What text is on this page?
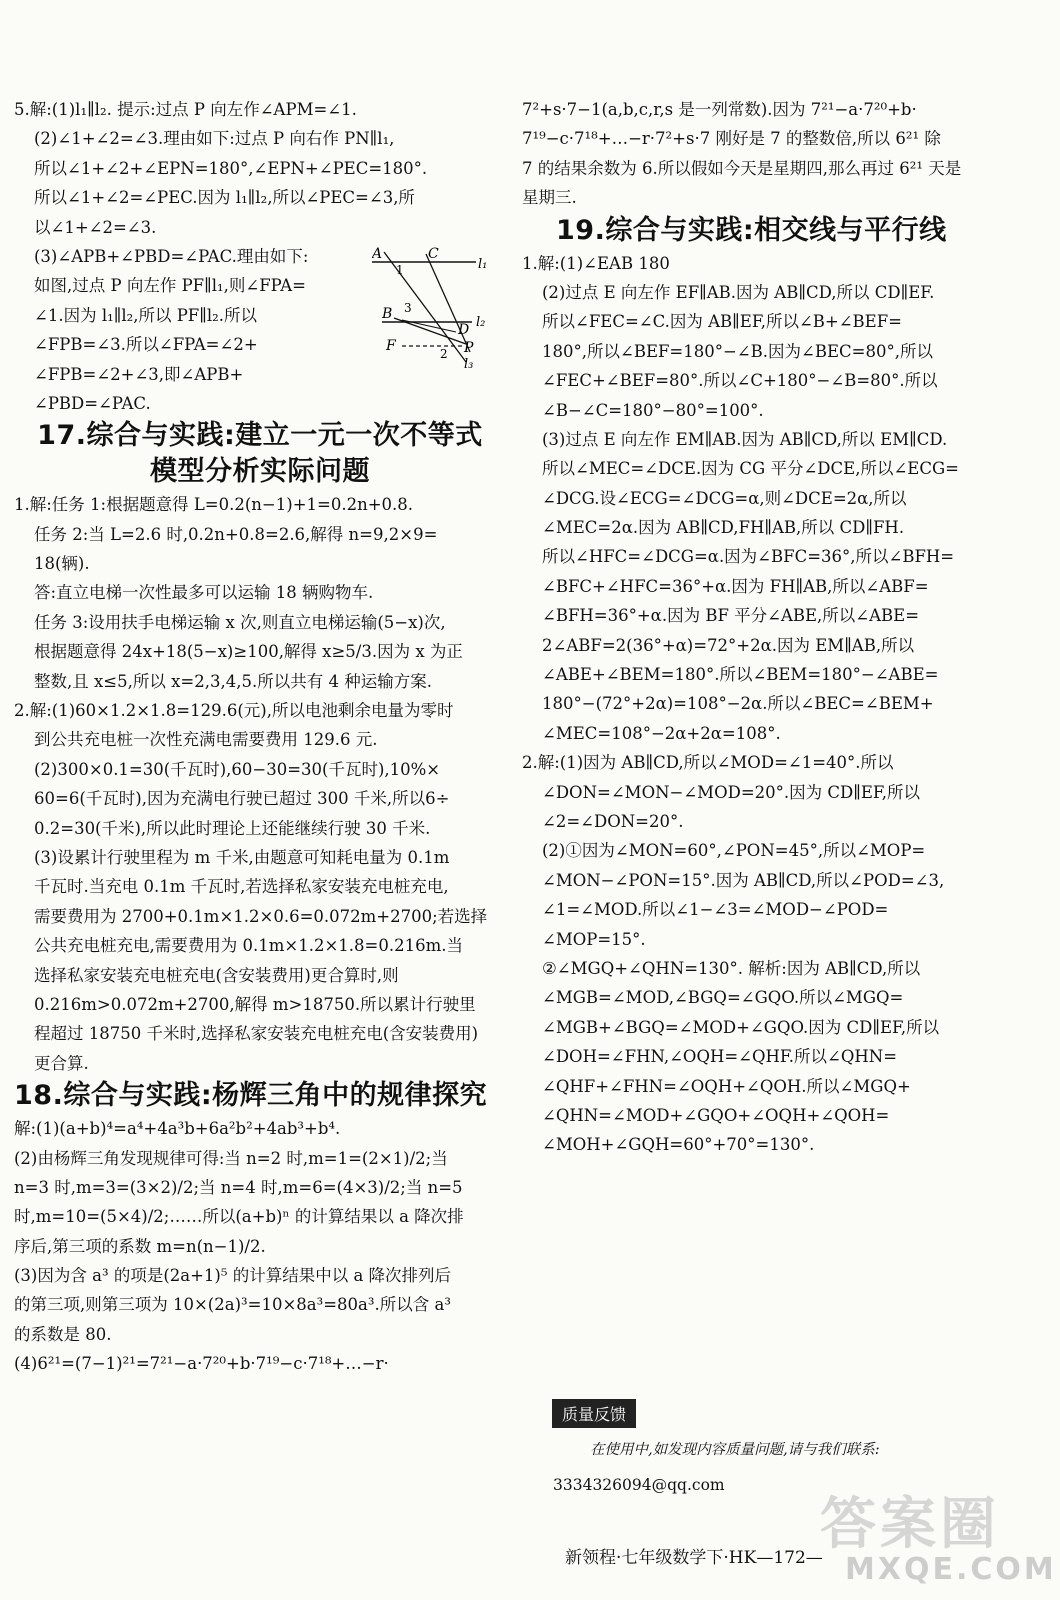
5.解:(1)l₁∥l₂. 提示:过点 P 向左作∠APM=∠1.
(2)∠1+∠2=∠3.理由如下:过点 P 向右作 PN∥l₁,
所以∠1+∠2+∠EPN=180°,∠EPN+∠PEC=180°.
所以∠1+∠2=∠PEC.因为 l₁∥l₂,所以∠PEC=∠3,所
以∠1+∠2=∠3.
(3)∠APB+∠PBD=∠PAC.理由如下:
如图,过点 P 向左作 PF∥l₁,则∠FPA=
∠1.因为 l₁∥l₂,所以 PF∥l₂.所以
∠FPB=∠3.所以∠FPA=∠2+
∠FPB=∠2+∠3,即∠APB+
∠PBD=∠PAC.
17.综合与实践:建立一元一次不等式
模型分析实际问题
1.解:任务 1:根据题意得 L=0.2(n−1)+1=0.2n+0.8.
任务 2:当 L=2.6 时,0.2n+0.8=2.6,解得 n=9,2×9=
18(辆).
答:直立电梯一次性最多可以运输 18 辆购物车.
任务 3:设用扶手电梯运输 x 次,则直立电梯运输(5−x)次,
根据题意得 24x+18(5−x)≥100,解得 x≥5/3.因为 x 为正
整数,且 x≤5,所以 x=2,3,4,5.所以共有 4 种运输方案.
2.解:(1)60×1.2×1.8=129.6(元),所以电池剩余电量为零时
到公共充电桩一次性充满电需要费用 129.6 元.
(2)300×0.1=30(千瓦时),60−30=30(千瓦时),10%×
60=6(千瓦时),因为充满电行驶已超过 300 千米,所以6÷
0.2=30(千米),所以此时理论上还能继续行驶 30 千米.
(3)设累计行驶里程为 m 千米,由题意可知耗电量为 0.1m
千瓦时.当充电 0.1m 千瓦时,若选择私家安装充电桩充电,
需要费用为 2700+0.1m×1.2×0.6=0.072m+2700;若选择
公共充电桩充电,需要费用为 0.1m×1.2×1.8=0.216m.当
选择私家安装充电桩充电(含安装费用)更合算时,则
0.216m>0.072m+2700,解得 m>18750.所以累计行驶里
程超过 18750 千米时,选择私家安装充电桩充电(含安装费用)
更合算.
18.综合与实践:杨辉三角中的规律探究
解:(1)(a+b)⁴=a⁴+4a³b+6a²b²+4ab³+b⁴.
(2)由杨辉三角发现规律可得:当 n=2 时,m=1=(2×1)/2;当
n=3 时,m=3=(3×2)/2;当 n=4 时,m=6=(4×3)/2;当 n=5
时,m=10=(5×4)/2;……所以(a+b)ⁿ 的计算结果以 a 降次排
序后,第三项的系数 m=n(n−1)/2.
(3)因为含 a³ 的项是(2a+1)⁵ 的计算结果中以 a 降次排列后
的第三项,则第三项为 10×(2a)³=10×8a³=80a³.所以含 a³
的系数是 80.
(4)6²¹=(7−1)²¹=7²¹−a·7²⁰+b·7¹⁹−c·7¹⁸+…−r·
7²+s·7−1(a,b,c,r,s 是一列常数).因为 7²¹−a·7²⁰+b·
7¹⁹−c·7¹⁸+…−r·7²+s·7 刚好是 7 的整数倍,所以 6²¹ 除
7 的结果余数为 6.所以假如今天是星期四,那么再过 6²¹ 天是
星期三.
19.综合与实践:相交线与平行线
1.解:(1)∠EAB 180
(2)过点 E 向左作 EF∥AB.因为 AB∥CD,所以 CD∥EF.
所以∠FEC=∠C.因为 AB∥EF,所以∠B+∠BEF=
180°,所以∠BEF=180°−∠B.因为∠BEC=80°,所以
∠FEC+∠BEF=80°.所以∠C+180°−∠B=80°.所以
∠B−∠C=180°−80°=100°.
(3)过点 E 向左作 EM∥AB.因为 AB∥CD,所以 EM∥CD.
所以∠MEC=∠DCE.因为 CG 平分∠DCE,所以∠ECG=
∠DCG.设∠ECG=∠DCG=α,则∠DCE=2α,所以
∠MEC=2α.因为 AB∥CD,FH∥AB,所以 CD∥FH.
所以∠HFC=∠DCG=α.因为∠BFC=36°,所以∠BFH=
∠BFC+∠HFC=36°+α.因为 FH∥AB,所以∠ABF=
∠BFH=36°+α.因为 BF 平分∠ABE,所以∠ABE=
2∠ABF=2(36°+α)=72°+2α.因为 EM∥AB,所以
∠ABE+∠BEM=180°.所以∠BEM=180°−∠ABE=
180°−(72°+2α)=108°−2α.所以∠BEC=∠BEM+
∠MEC=108°−2α+2α=108°.
2.解:(1)因为 AB∥CD,所以∠MOD=∠1=40°.所以
∠DON=∠MON−∠MOD=20°.因为 CD∥EF,所以
∠2=∠DON=20°.
(2)①因为∠MON=60°,∠PON=45°,所以∠MOP=
∠MON−∠PON=15°.因为 AB∥CD,所以∠POD=∠3,
∠1=∠MOD.所以∠1−∠3=∠MOD−∠POD=
∠MOP=15°.
②∠MGQ+∠QHN=130°. 解析:因为 AB∥CD,所以
∠MGB=∠MOD,∠BGQ=∠GQO.所以∠MGQ=
∠MGB+∠BGQ=∠MOD+∠GQO.因为 CD∥EF,所以
∠DOH=∠FHN,∠OQH=∠QHF.所以∠QHN=
∠QHF+∠FHN=∠OQH+∠QOH.所以∠MGQ+
∠QHN=∠MOD+∠GQO+∠OQH+∠QOH=
∠MOH+∠GQH=60°+70°=130°.
A	C
l₁
B
D l₂
F	P
l₃
1
2
3
质量反馈
在使用中,如发现内容质量问题,请与我们联系:
3334326094@qq.com
新领程·七年级数学下·HK—172—
答案圈
MXQE.COM
